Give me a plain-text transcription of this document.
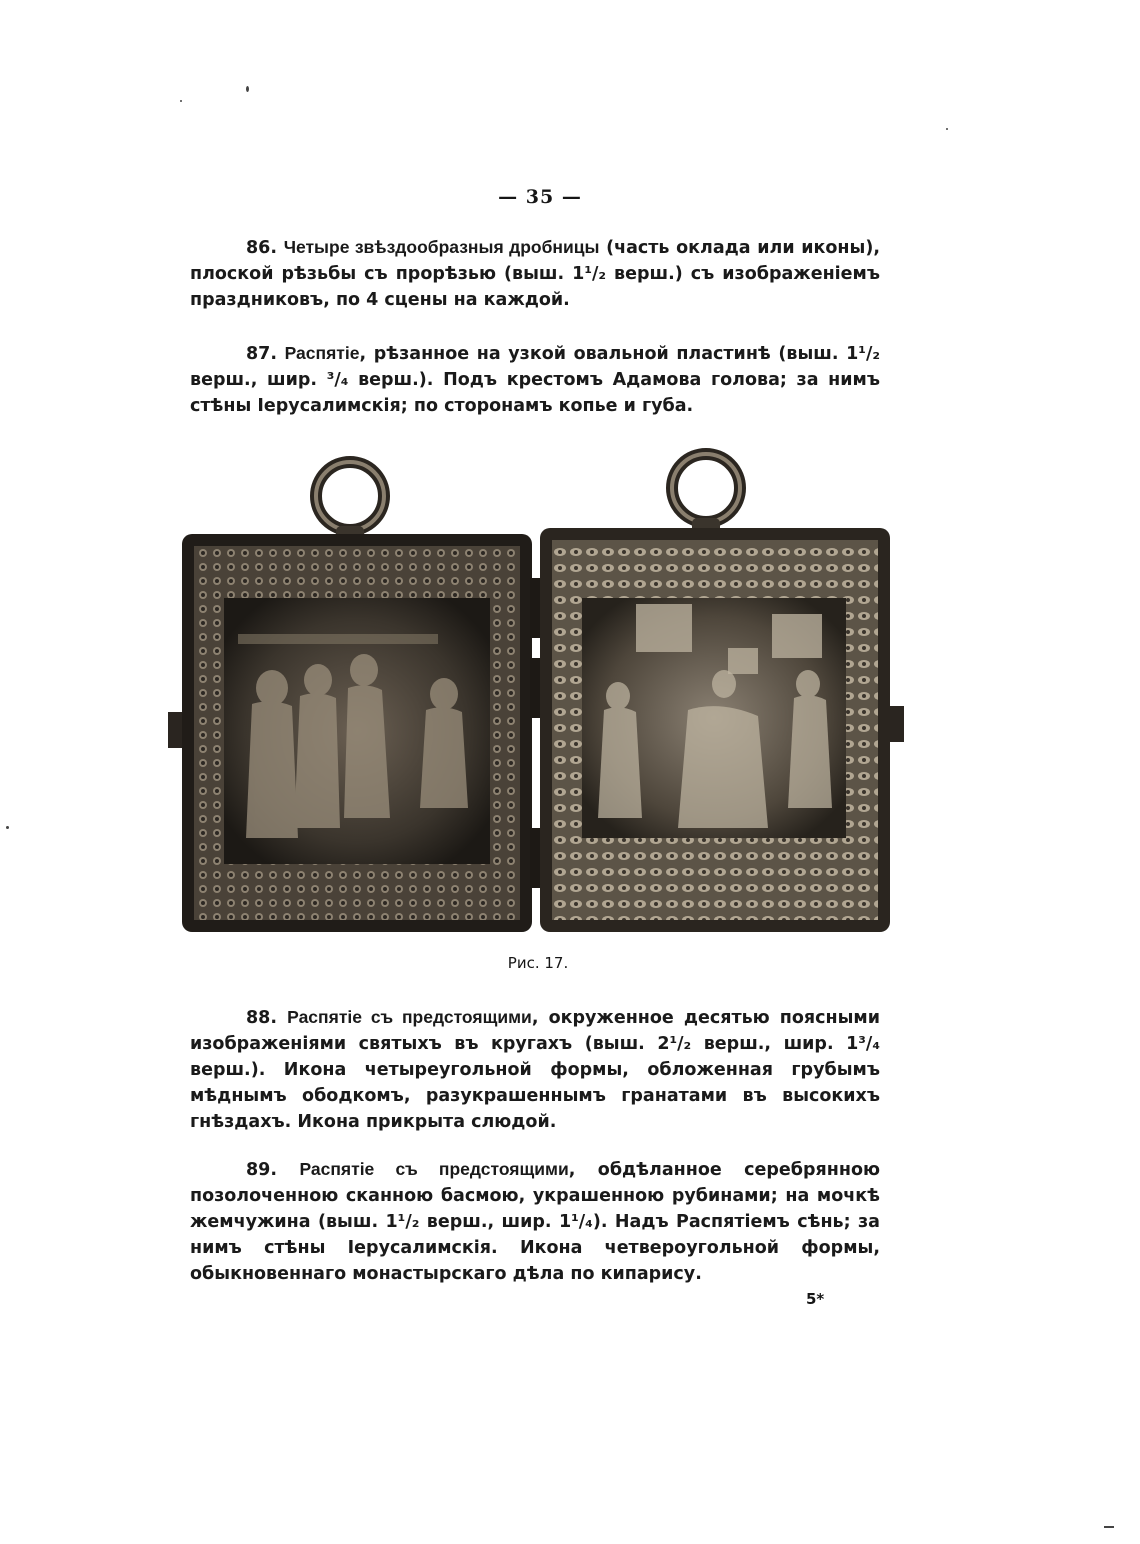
— 35 —
86. Четыре звѣздообразныя дробницы (часть оклада или иконы), плоской рѣзьбы съ прорѣзью (выш. 1¹/₂ верш.) съ изображеніемъ праздниковъ, по 4 сцены на каждой.
87. Распятіе, рѣзанное на узкой овальной пластинѣ (выш. 1¹/₂ верш., шир. ³/₄ верш.). Подъ крестомъ Адамова голова; за нимъ стѣны Іерусалимскія; по сторонамъ копье и губа.
Рис. 17.
88. Распятіе съ предстоящими, окруженное десятью поясными изображеніями святыхъ въ кругахъ (выш. 2¹/₂ верш., шир. 1³/₄ верш.). Икона четыреугольной формы, обложенная грубымъ мѣднымъ ободкомъ, разукрашеннымъ гранатами въ высокихъ гнѣздахъ. Икона прикрыта слюдой.
89. Распятіе съ предстоящими, обдѣланное серебрянною позолоченною сканною басмою, украшенною рубинами; на мочкѣ жемчужина (выш. 1¹/₂ верш., шир. 1¹/₄). Надъ Распятіемъ сѣнь; за нимъ стѣны Іерусалимскія. Икона четвероугольной формы, обыкновеннаго монастырскаго дѣла по кипарису.
5*
